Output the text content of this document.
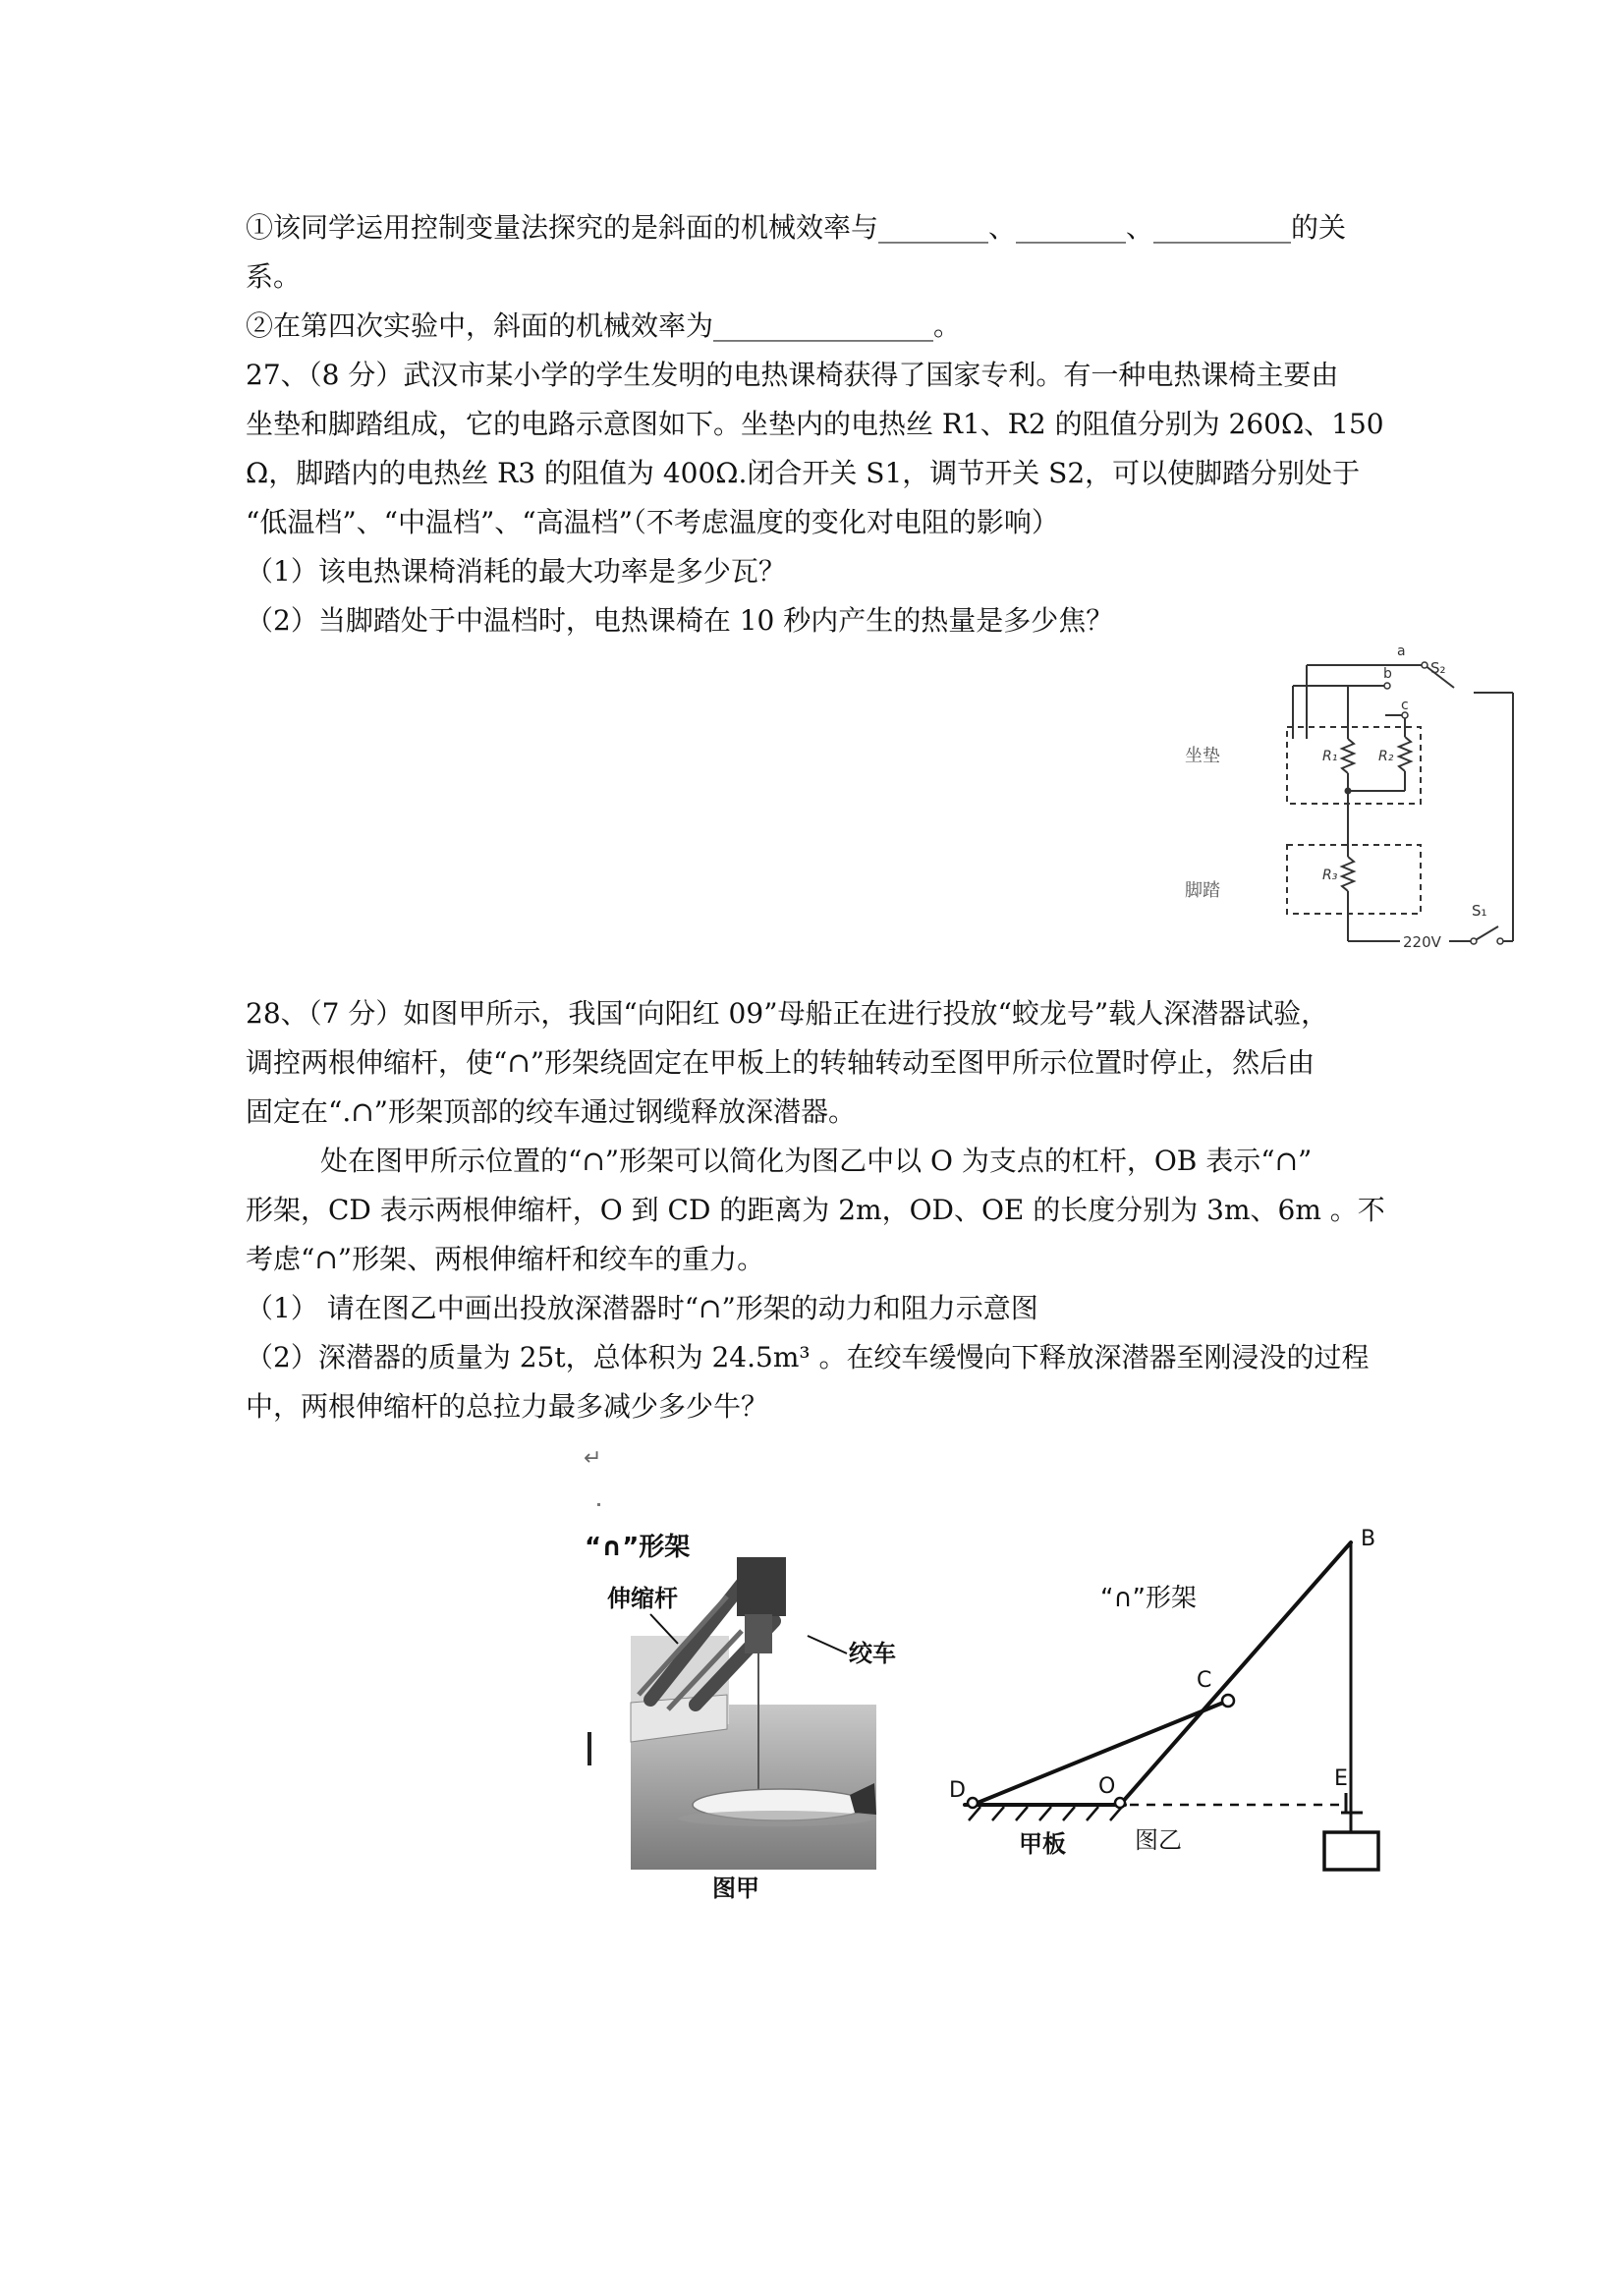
①该同学运用控制变量法探究的是斜面的机械效率与________、________、__________的关
系。
②在第四次实验中，斜面的机械效率为________________。
27、（8 分）武汉市某小学的学生发明的电热课椅获得了国家专利。有一种电热课椅主要由
坐垫和脚踏组成，它的电路示意图如下。坐垫内的电热丝 R1、R2 的阻值分别为 260Ω、150
Ω，脚踏内的电热丝 R3 的阻值为 400Ω.闭合开关 S1，调节开关 S2，可以使脚踏分别处于
“低温档”、“中温档”、“高温档”（不考虑温度的变化对电阻的影响）
（1）该电热课椅消耗的最大功率是多少瓦？
（2）当脚踏处于中温档时，电热课椅在 10 秒内产生的热量是多少焦？
a
b
c
S₂
S₁
R₁	R₂
R₃
坐垫
脚踏
220V
28、（7 分）如图甲所示，我国“向阳红 09”母船正在进行投放“蛟龙号”载人深潜器试验，
调控两根伸缩杆，使“∩”形架绕固定在甲板上的转轴转动至图甲所示位置时停止，然后由
固定在“.∩”形架顶部的绞车通过钢缆释放深潜器。
处在图甲所示位置的“∩”形架可以简化为图乙中以 O 为支点的杠杆，OB 表示“∩”
形架，CD 表示两根伸缩杆，O 到 CD 的距离为 2m，OD、OE 的长度分别为 3m、6m 。不
考虑“∩”形架、两根伸缩杆和绞车的重力。
（1） 请在图乙中画出投放深潜器时“∩”形架的动力和阻力示意图
（2）深潜器的质量为 25t，总体积为 24.5m³ 。在绞车缓慢向下释放深潜器至刚浸没的过程
中，两根伸缩杆的总拉力最多减少多少牛？
↵
“∩”形架
伸缩杆
绞车
图甲
“∩”形架
B
C
D	O	E
甲板	图乙
